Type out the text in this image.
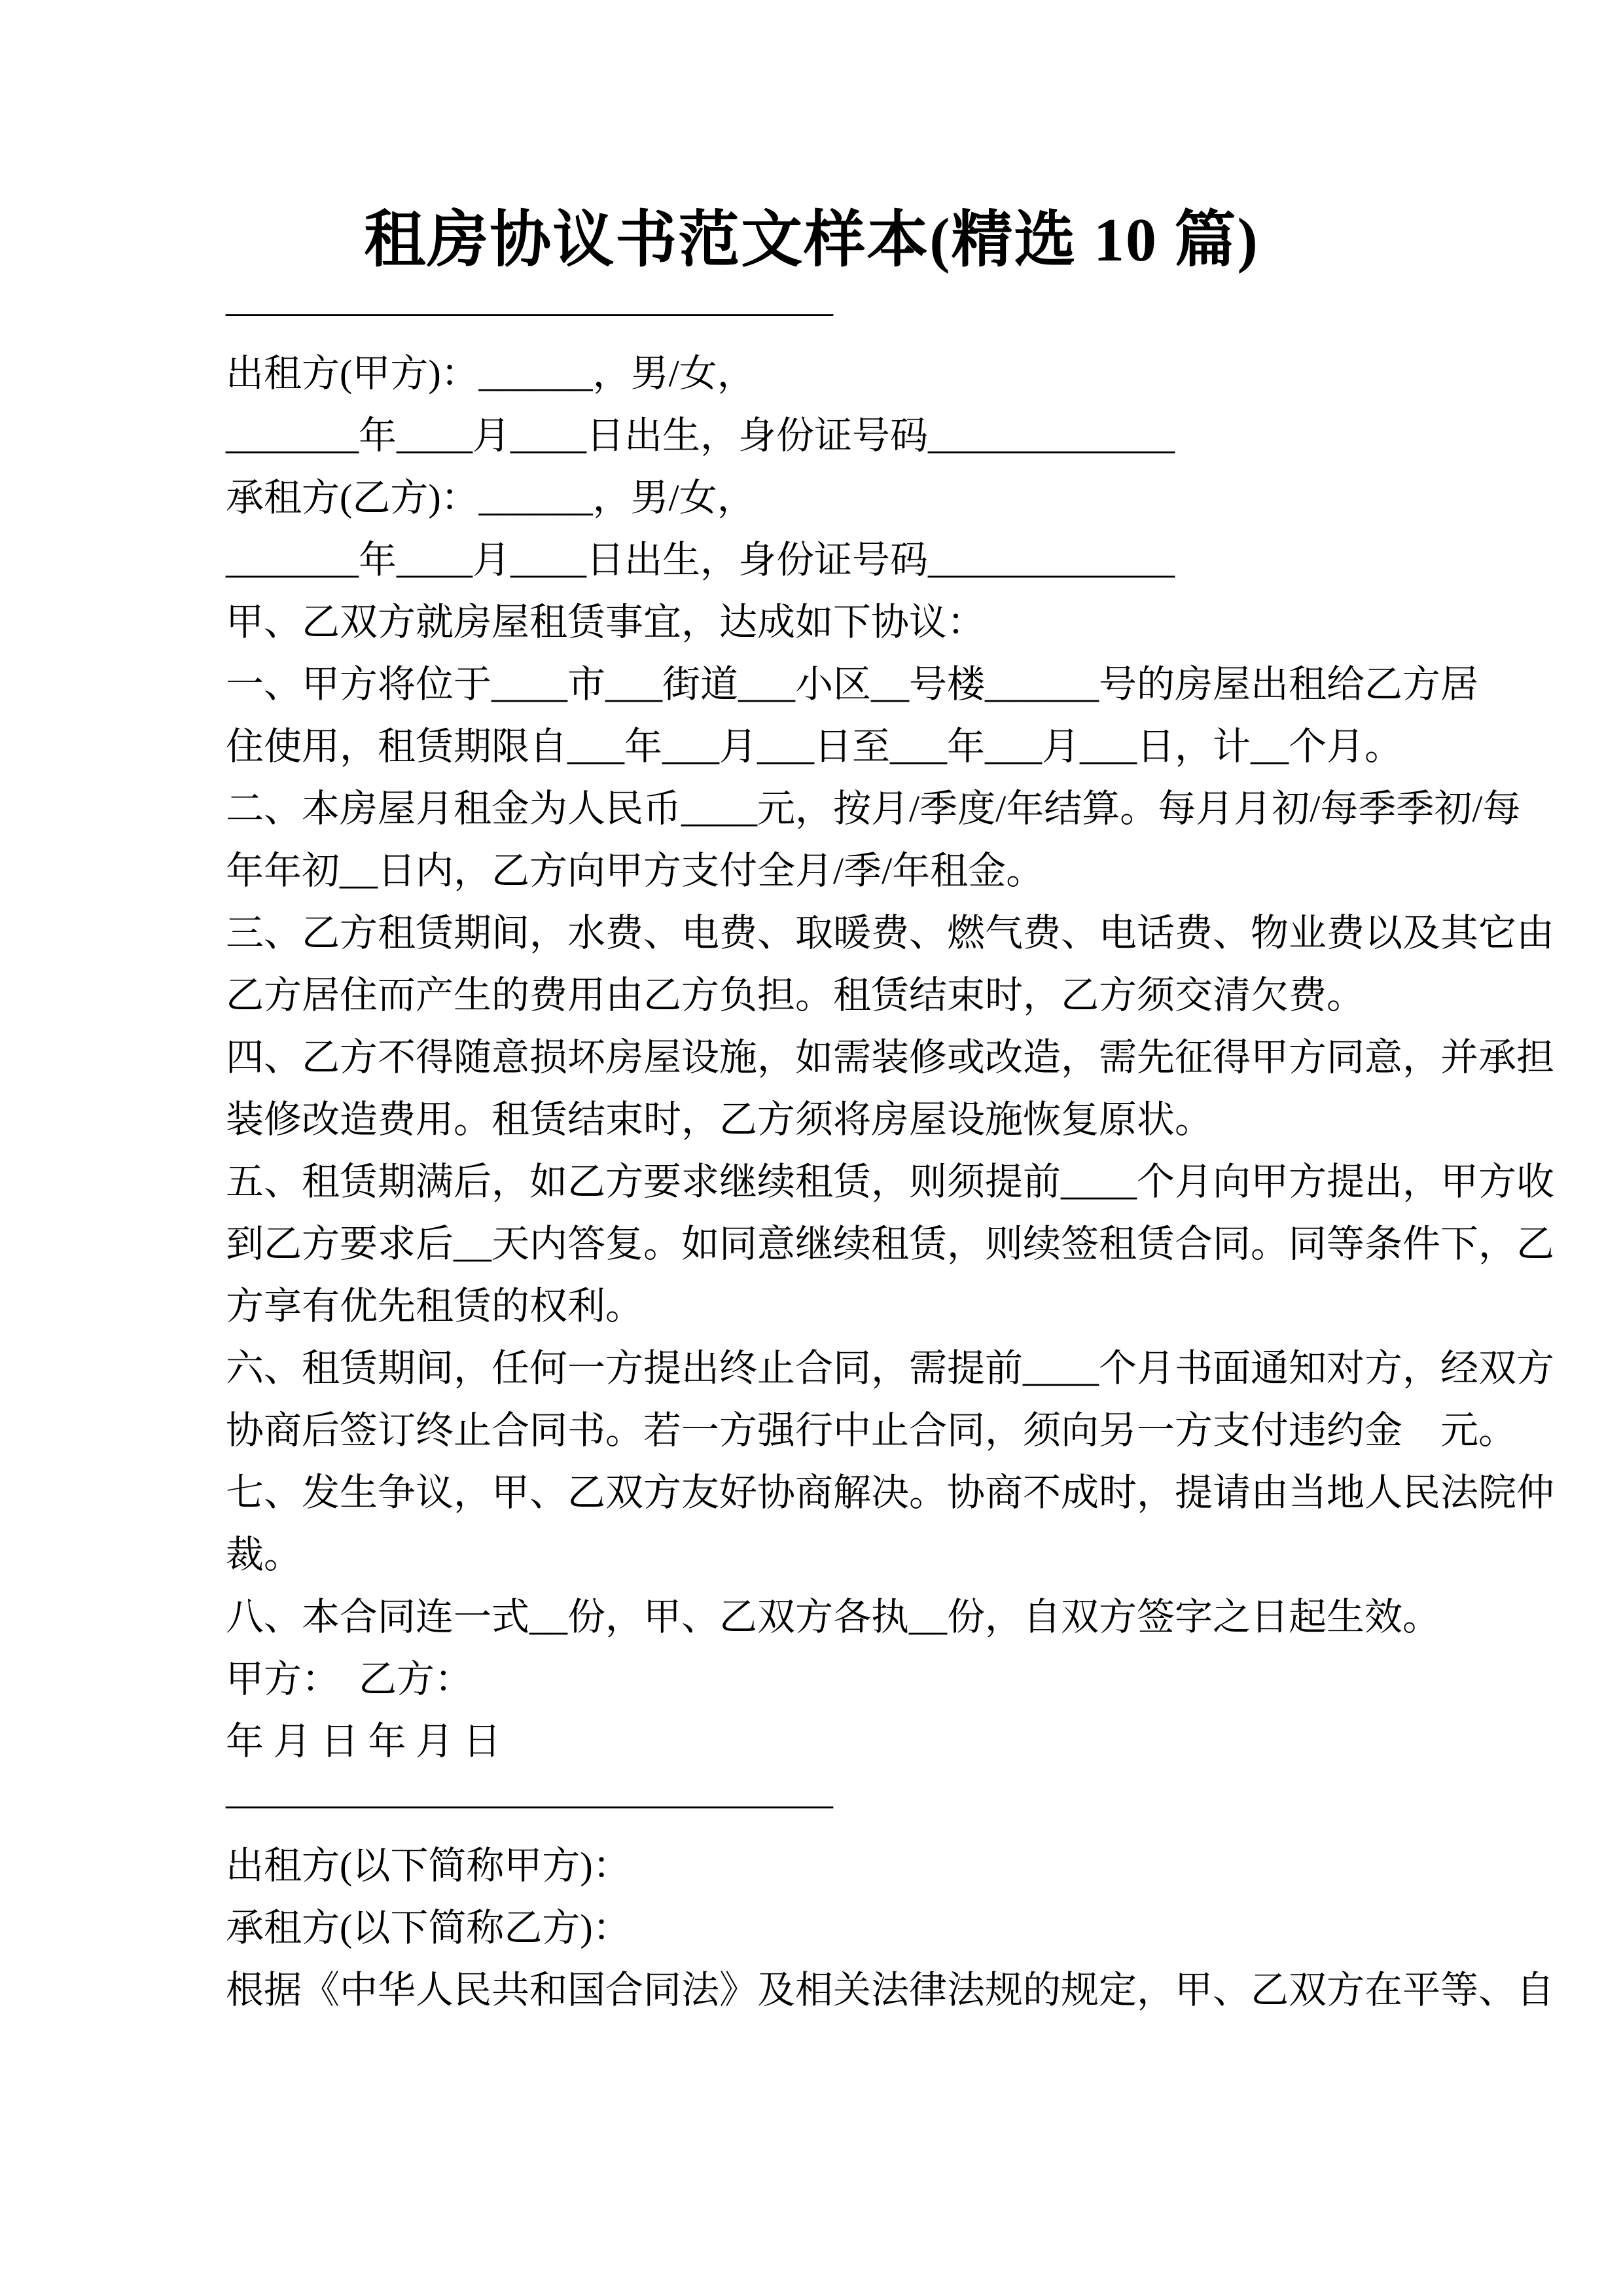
租房协议书范文样本(精选 10 篇)

————————————————

出租方(甲方)：______，男/女，

_______年____月____日出生，身份证号码_____________

承租方(乙方)：______，男/女，

_______年____月____日出生，身份证号码_____________

甲、乙双方就房屋租赁事宜，达成如下协议：

一、甲方将位于____市___街道___小区__号楼______号的房屋出租给乙方居

住使用，租赁期限自___年___月___日至___年___月___日，计__个月。

二、本房屋月租金为人民币____元，按月/季度/年结算。每月月初/每季季初/每

年年初__日内，乙方向甲方支付全月/季/年租金。

三、乙方租赁期间，水费、电费、取暖费、燃气费、电话费、物业费以及其它由

乙方居住而产生的费用由乙方负担。租赁结束时，乙方须交清欠费。

四、乙方不得随意损坏房屋设施，如需装修或改造，需先征得甲方同意，并承担

装修改造费用。租赁结束时，乙方须将房屋设施恢复原状。

五、租赁期满后，如乙方要求继续租赁，则须提前____个月向甲方提出，甲方收

到乙方要求后__天内答复。如同意继续租赁，则续签租赁合同。同等条件下，乙

方享有优先租赁的权利。

六、租赁期间，任何一方提出终止合同，需提前____个月书面通知对方，经双方

协商后签订终止合同书。若一方强行中止合同，须向另一方支付违约金　元。

七、发生争议，甲、乙双方友好协商解决。协商不成时，提请由当地人民法院仲

裁。

八、本合同连一式__份，甲、乙双方各执__份，自双方签字之日起生效。

甲方：　乙方：

年 月 日 年 月 日

————————————————

出租方(以下简称甲方)：

承租方(以下简称乙方)：

根据《中华人民共和国合同法》及相关法律法规的规定，甲、乙双方在平等、自
